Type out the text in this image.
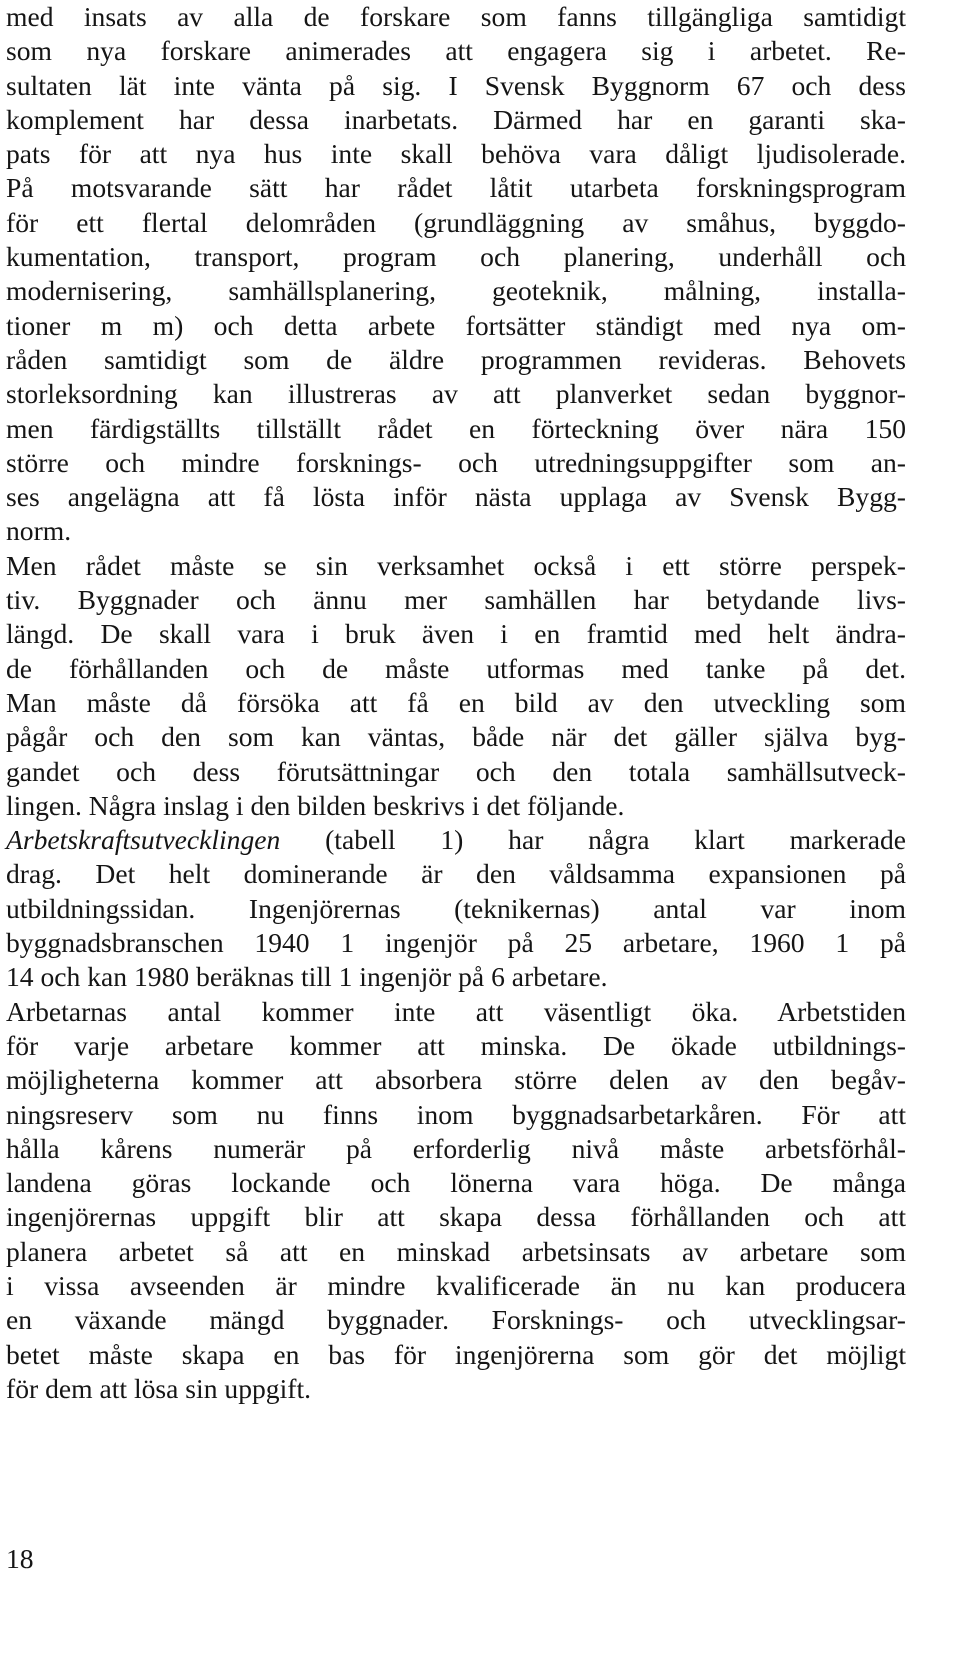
med insats av alla de forskare som fanns tillgängliga samtidigt
som nya forskare animerades att engagera sig i arbetet. Re-
sultaten lät inte vänta på sig. I Svensk Byggnorm 67 och dess
komplement har dessa inarbetats. Därmed har en garanti ska-
pats för att nya hus inte skall behöva vara dåligt ljudisolerade.
På motsvarande sätt har rådet låtit utarbeta forskningsprogram
för ett flertal delområden (grundläggning av småhus, byggdo-
kumentation, transport, program och planering, underhåll och
modernisering, samhällsplanering, geoteknik, målning, installa-
tioner m m) och detta arbete fortsätter ständigt med nya om-
råden samtidigt som de äldre programmen revideras. Behovets
storleksordning kan illustreras av att planverket sedan byggnor-
men färdigställts tillställt rådet en förteckning över nära 150
större och mindre forsknings- och utredningsuppgifter som an-
ses angelägna att få lösta inför nästa upplaga av Svensk Bygg-
norm.
Men rådet måste se sin verksamhet också i ett större perspek-
tiv. Byggnader och ännu mer samhällen har betydande livs-
längd. De skall vara i bruk även i en framtid med helt ändra-
de förhållanden och de måste utformas med tanke på det.
Man måste då försöka att få en bild av den utveckling som
pågår och den som kan väntas, både när det gäller själva byg-
gandet och dess förutsättningar och den totala samhällsutveck-
lingen. Några inslag i den bilden beskrivs i det följande.
Arbetskraftsutvecklingen (tabell 1) har några klart markerade
drag. Det helt dominerande är den våldsamma expansionen på
utbildningssidan. Ingenjörernas (teknikernas) antal var inom
byggnadsbranschen 1940 1 ingenjör på 25 arbetare, 1960 1 på
14 och kan 1980 beräknas till 1 ingenjör på 6 arbetare.
Arbetarnas antal kommer inte att väsentligt öka. Arbetstiden
för varje arbetare kommer att minska. De ökade utbildnings-
möjligheterna kommer att absorbera större delen av den begåv-
ningsreserv som nu finns inom byggnadsarbetarkåren. För att
hålla kårens numerär på erforderlig nivå måste arbetsförhål-
landena göras lockande och lönerna vara höga. De många
ingenjörernas uppgift blir att skapa dessa förhållanden och att
planera arbetet så att en minskad arbetsinsats av arbetare som
i vissa avseenden är mindre kvalificerade än nu kan producera
en växande mängd byggnader. Forsknings- och utvecklingsar-
betet måste skapa en bas för ingenjörerna som gör det möjligt
för dem att lösa sin uppgift.
18
